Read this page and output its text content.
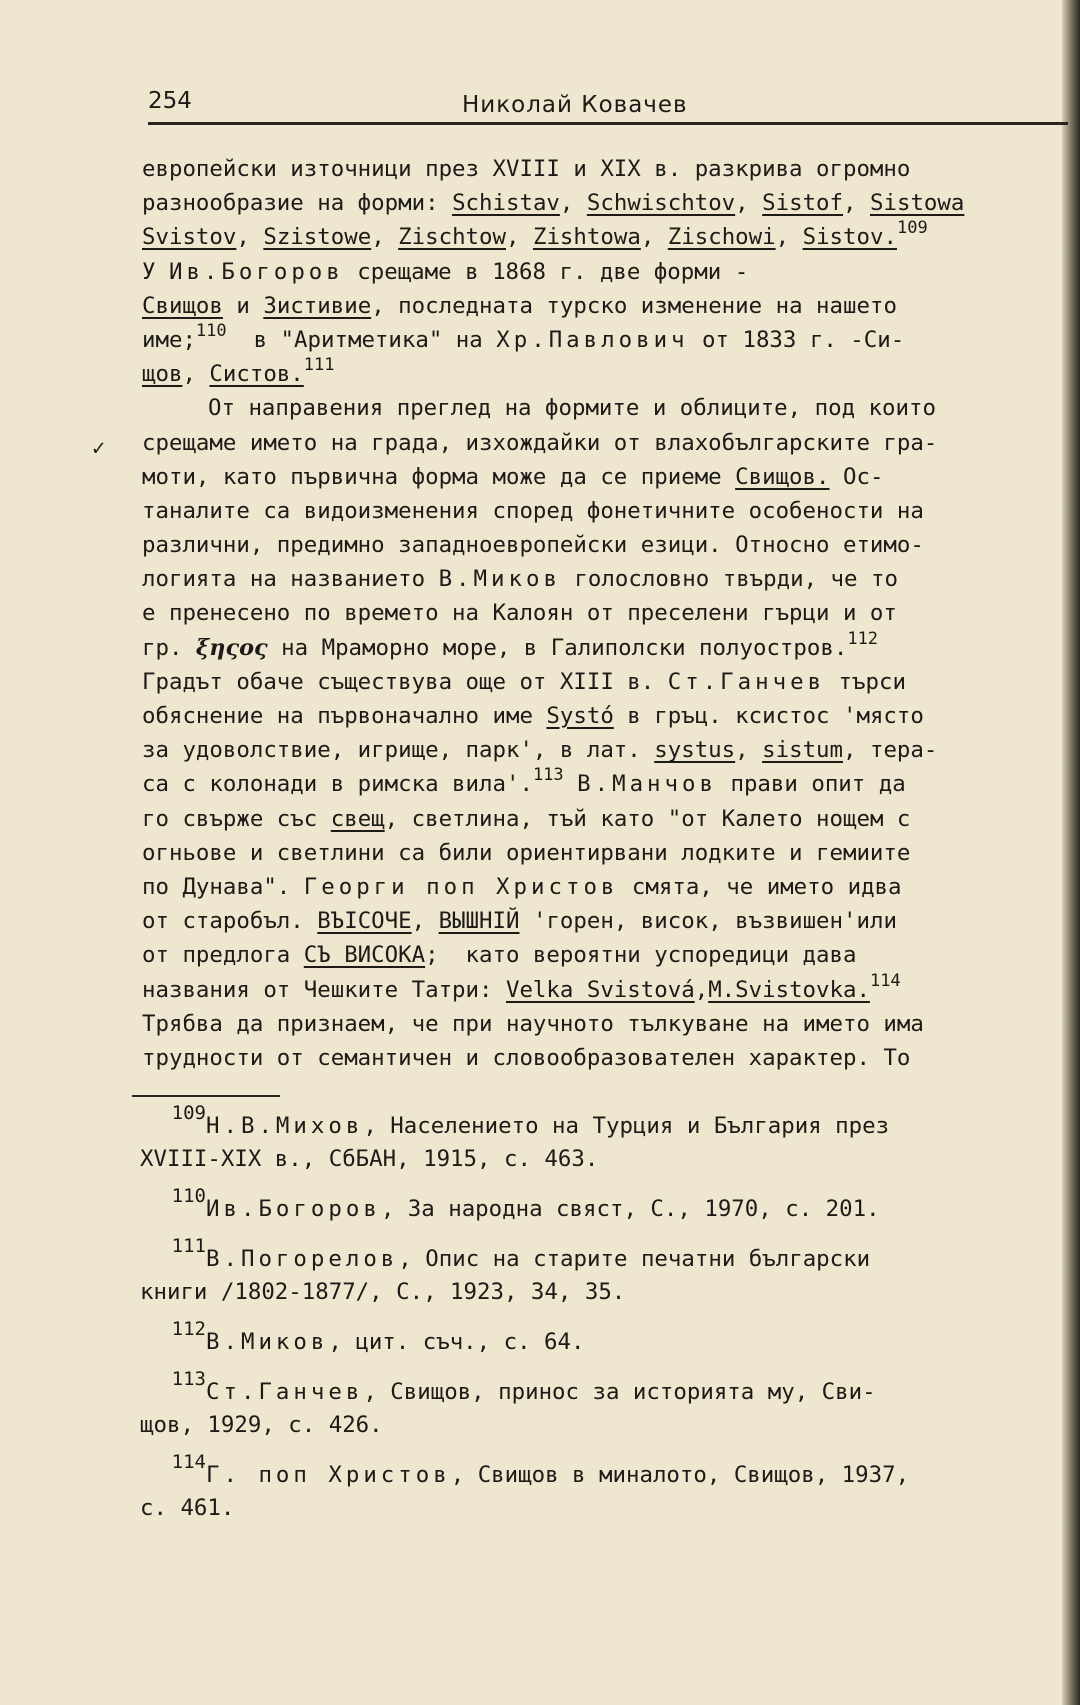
254	Николай Ковачев
✓
европейски източници през XVIII и XIX в. разкрива огромно
разнообразие на форми: Schistav, Schwischtov, Sistof, Sistowa
Svistov, Szistowe, Zischtow, Zishtowa, Zischowi, Sistov.$^{109}$
У Ив.Богоров срещаме в 1868 г. две форми -
Свищов и Зистивие, последната турско изменение на нашето
име;$^{110}$  в "Аритметика" на Хр.Павлович от 1833 г. -Си-
щов, Систов.$^{111}$
От направения преглед на формите и облиците, под които
срещаме името на града, изхождайки от влахобългарските гра-
моти, като първична форма може да се приеме Свищов. Ос-
таналите са видоизменения според фонетичните особености на
различни, предимно западноевропейски езици. Относно етимо-
логията на названието В.Миков голословно твърди, че то
е пренесено по времето на Калоян от преселени гърци и от
гр. ξηςος на Мраморно море, в Галиполски полуостров.$^{112}$
Градът обаче съществува още от XIII в. Ст.Ганчев търси
обяснение на първоначално име Systó в гръц. ксистос 'място
за удоволствие, игрище, парк', в лат. systus, sistum, тера-
са с колонади в римска вила'.$^{113}$ В.Манчов прави опит да
го свърже със свещ, светлина, тъй като "от Калето нощем с
огньове и светлини са били ориентирвани лодките и гемиите
по Дунава". Георги поп Христов смята, че името идва
от старобъл. ВЪІСОЧЕ, ВЫШНІЙ 'горен, висок, възвишен'или
от предлога СЪ ВИСОКА;  като вероятни успоредици дава
названия от Чешките Татри: Velka Svistová,M.Svistovka.$^{114}$
Трябва да признаем, че при научното тълкуване на името има
трудности от семантичен и словообразователен характер. То
$^{109}$Н.В.Михов, Населението на Турция и България през
XVIII-XIX в., СбБАН, 1915, с. 463.
$^{110}$Ив.Богоров, За народна свяст, С., 1970, с. 201.
$^{111}$В.Погорелов, Опис на старите печатни български
книги /1802-1877/, С., 1923, 34, 35.
$^{112}$В.Миков, цит. съч., с. 64.
$^{113}$Ст.Ганчев, Свищов, принос за историята му, Сви-
щов, 1929, с. 426.
$^{114}$Г. поп Христов, Свищов в миналото, Свищов, 1937,
с. 461.
